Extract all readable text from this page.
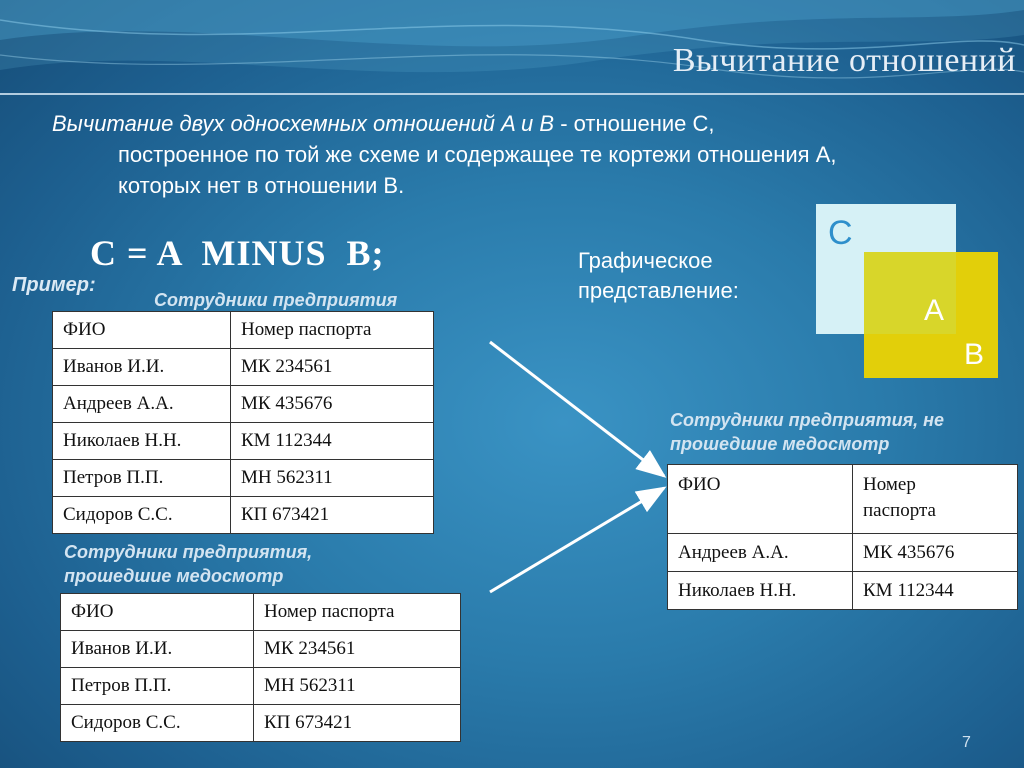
Вычитание отношений
Вычитание двух односхемных отношений A и B - отношение C,
построенное по той же схеме и содержащее те кортежи отношения A,
которых нет в отношении B.
C = A  MINUS  B;
Пример:
Графическое
представление:
C
A
B
Сотрудники предприятия
ФИО	Номер паспорта
Иванов И.И.	МК 234561
Андреев А.А.	МК 435676
Николаев Н.Н.	КМ 112344
Петров П.П.	МН 562311
Сидоров С.С.	КП 673421
Сотрудники предприятия,
прошедшие медосмотр
ФИО	Номер паспорта
Иванов И.И.	МК 234561
Петров П.П.	МН 562311
Сидоров С.С.	КП 673421
Сотрудники предприятия, не
прошедшие медосмотр
ФИО	Номер
паспорта

Андреев А.А.	МК 435676
Николаев Н.Н.	КМ 112344
7
